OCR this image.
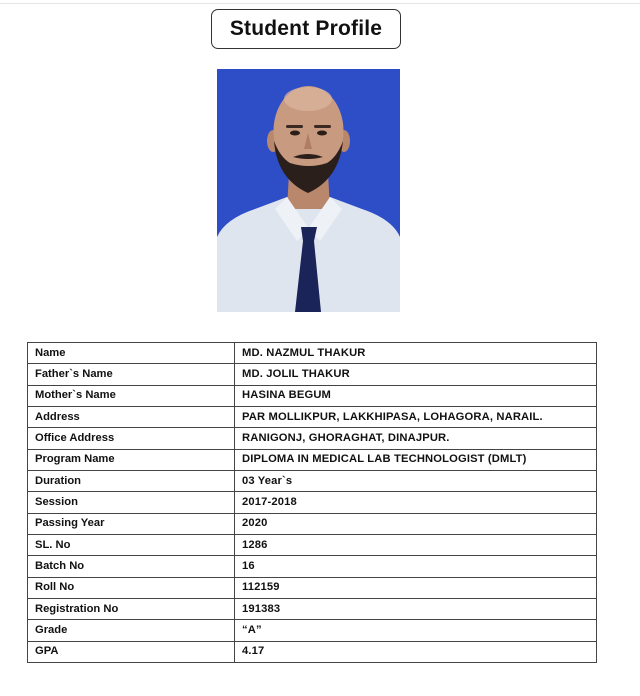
Student Profile
Name	MD. NAZMUL THAKUR
Father`s Name	MD. JOLIL THAKUR
Mother`s Name	HASINA BEGUM
Address	PAR MOLLIKPUR, LAKKHIPASA, LOHAGORA, NARAIL.
Office Address	RANIGONJ, GHORAGHAT, DINAJPUR.
Program Name	DIPLOMA IN MEDICAL LAB TECHNOLOGIST (DMLT)
Duration	03 Year`s
Session	2017-2018
Passing Year	2020
SL. No	1286
Batch No	16
Roll No	112159
Registration No	191383
Grade	“A”
GPA	4.17
